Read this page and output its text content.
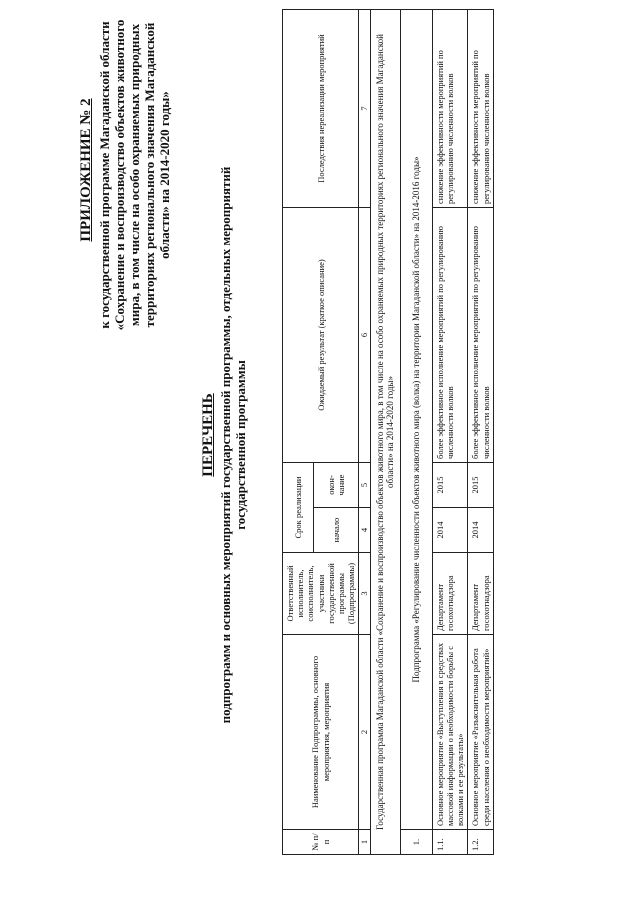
ПРИЛОЖЕНИЕ № 2 к государственной программе Магаданской области «Сохранение и воспроизводство объектов животного мира, в том числе на особо охраняемых природных территориях регионального значения Магаданской области» на 2014-2020 годы»
ПЕРЕЧЕНЬ подпрограмм и основных мероприятий государственной программы, отдельных мероприятий государственной программы
№ п/п	Наименование Подпрограммы, основного мероприятия, мероприятия	Ответственный исполнитель, соисполнитель, участники государственной программы (Подпрограммы)	Срок реализации		Ожидаемый результат (краткое описание)	Последствия нереализации мероприятий
			начало	окон-чание		
1	2	3	4	5	6	7
Государственная программа Магаданской области «Сохранение и воспроизводство объектов животного мира, в том числе на особо охраняемых природных территориях регионального значения Магаданской области» на 2014-2020 годы»						
1.	Подпрограмма «Регулирование численности объектов животного мира (волка) на территории Магаданской области» на 2014-2016 годы»					
1.1.	Основное мероприятие «Выступления в средствах массовой информации о необходимости борьбы с волками и ее результаты»	Департамент госохотнадзора	2014	2015	более эффективное исполнение мероприятий по регулированию численности волков	снижение эффективности мероприятий по регулированию численности волков
1.2.	Основное мероприятие «Разъяснительная работа среди населения о необходимости мероприятий»	Департамент госохотнадзора	2014	2015	более эффективное исполнение мероприятий по регулированию численности волков	снижение эффективности мероприятий по регулированию численности волков
